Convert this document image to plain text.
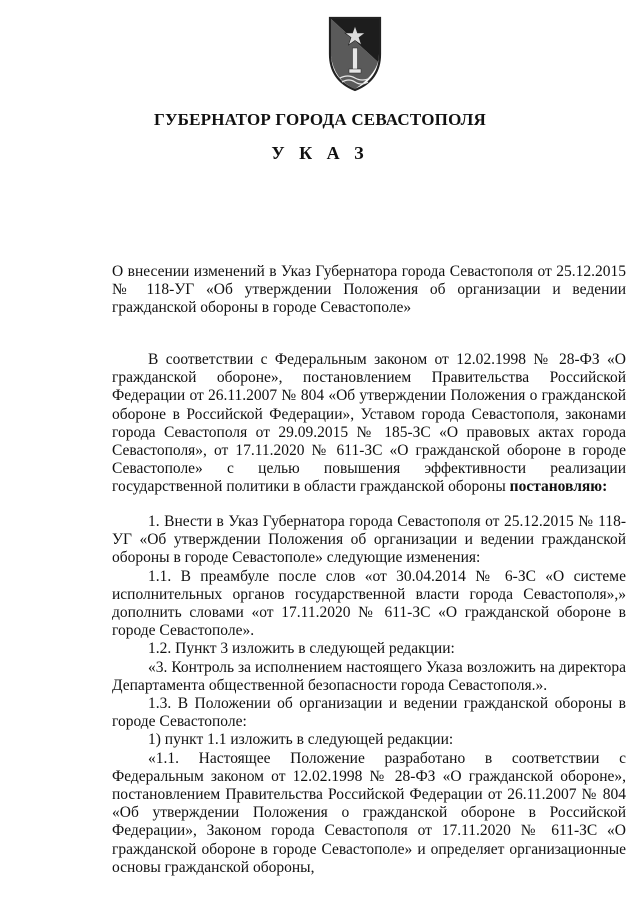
ГУБЕРНАТОР ГОРОДА СЕВАСТОПОЛЯ

У К А З

О внесении изменений в Указ Губернатора города Севастополя от 25.12.2015 № 118-УГ «Об утверждении Положения об организации и ведении гражданской обороны в городе Севастополе»

В соответствии с Федеральным законом от 12.02.1998 № 28-ФЗ «О гражданской обороне», постановлением Правительства Российской Федерации от 26.11.2007 № 804 «Об утверждении Положения о гражданской обороне в Российской Федерации», Уставом города Севастополя, законами города Севастополя от 29.09.2015 № 185-ЗС «О правовых актах города Севастополя», от 17.11.2020 № 611-ЗС «О гражданской обороне в городе Севастополе» с целью повышения эффективности реализации государственной политики в области гражданской обороны постановляю:

1. Внести в Указ Губернатора города Севастополя от 25.12.2015 № 118-УГ «Об утверждении Положения об организации и ведении гражданской обороны в городе Севастополе» следующие изменения:

1.1. В преамбуле после слов «от 30.04.2014 № 6-ЗС «О системе исполнительных органов государственной власти города Севастополя»,» дополнить словами «от 17.11.2020 № 611-ЗС «О гражданской обороне в городе Севастополе».

1.2. Пункт 3 изложить в следующей редакции:

«3. Контроль за исполнением настоящего Указа возложить на директора Департамента общественной безопасности города Севастополя.».

1.3. В Положении об организации и ведении гражданской обороны в городе Севастополе:

1) пункт 1.1 изложить в следующей редакции:

«1.1. Настоящее Положение разработано в соответствии с Федеральным законом от 12.02.1998 № 28-ФЗ «О гражданской обороне», постановлением Правительства Российской Федерации от 26.11.2007 № 804 «Об утверждении Положения о гражданской обороне в Российской Федерации», Законом города Севастополя от 17.11.2020 № 611-ЗС «О гражданской обороне в городе Севастополе» и определяет организационные основы гражданской обороны,
